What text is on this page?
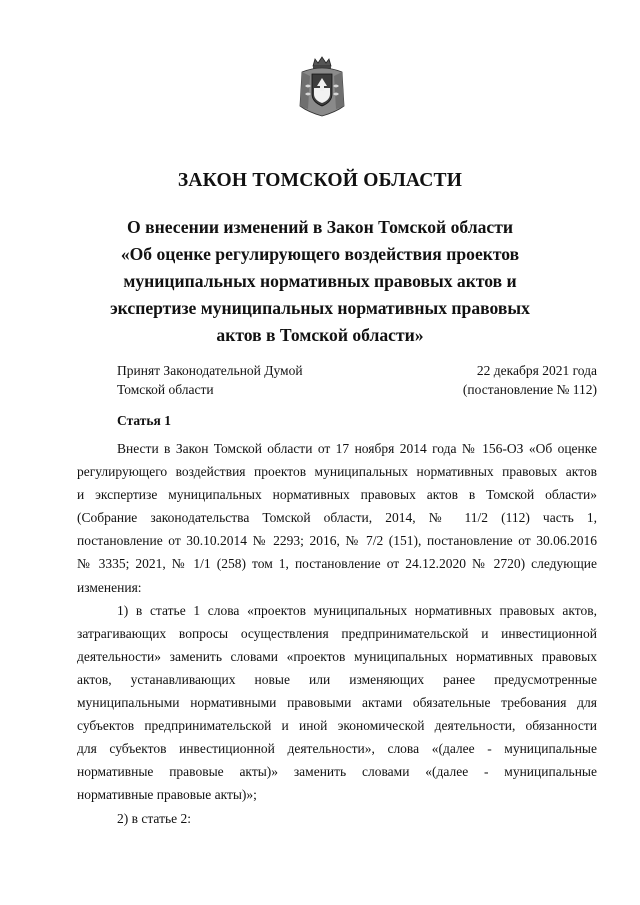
ЗАКОН ТОМСКОЙ ОБЛАСТИ
О внесении изменений в Закон Томской области
«Об оценке регулирующего воздействия проектов
муниципальных нормативных правовых актов и
экспертизе муниципальных нормативных правовых
актов в Томской области»
Принят Законодательной Думой
Томской области
22 декабря 2021 года
(постановление № 112)
Статья 1
Внести в Закон Томской области от 17 ноября 2014 года № 156-ОЗ «Об оценке
регулирующего воздействия проектов муниципальных нормативных правовых актов
и экспертизе муниципальных нормативных правовых актов в Томской области»
(Собрание законодательства Томской области, 2014, № 11/2 (112) часть 1,
постановление от 30.10.2014 № 2293; 2016, № 7/2 (151), постановление от 30.06.2016
№ 3335; 2021, № 1/1 (258) том 1, постановление от 24.12.2020 № 2720) следующие
изменения:
1) в статье 1 слова «проектов муниципальных нормативных правовых актов,
затрагивающих вопросы осуществления предпринимательской и инвестиционной
деятельности» заменить словами «проектов муниципальных нормативных правовых
актов, устанавливающих новые или изменяющих ранее предусмотренные
муниципальными нормативными правовыми актами обязательные требования для
субъектов предпринимательской и иной экономической деятельности, обязанности
для субъектов инвестиционной деятельности», слова «(далее - муниципальные
нормативные правовые акты)» заменить словами «(далее - муниципальные
нормативные правовые акты)»;
2) в статье 2:
